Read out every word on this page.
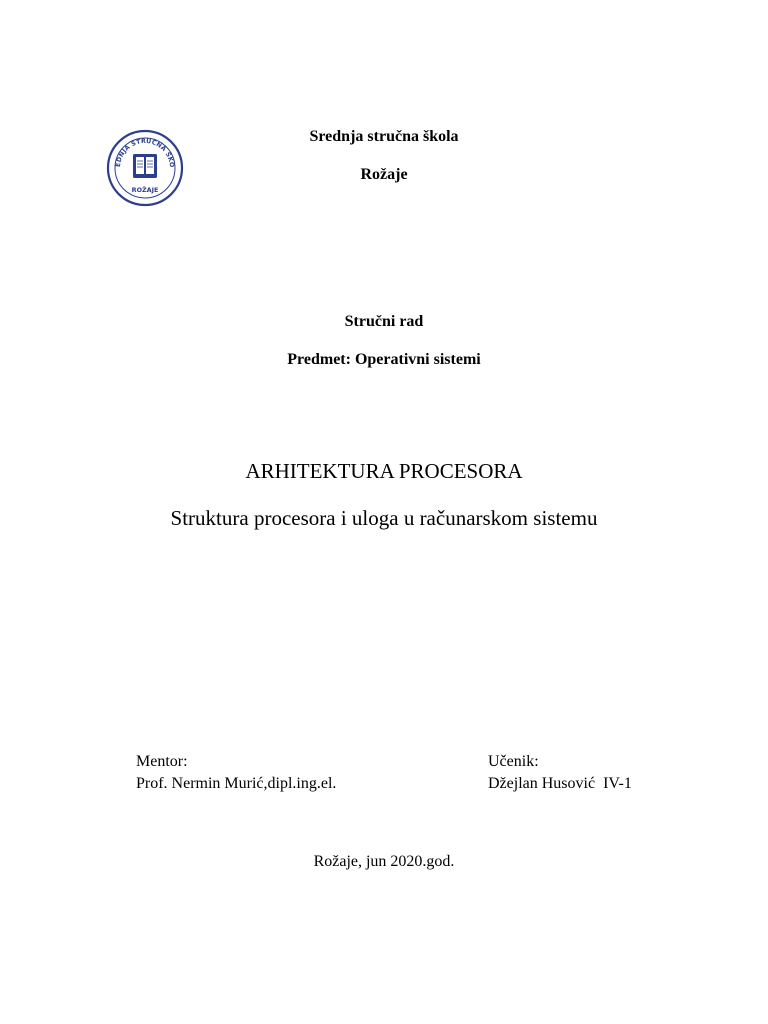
EDNJA STRUČNA ŠKO
ROŽAJE
Srednja stručna škola
Rožaje
Stručni rad
Predmet: Operativni sistemi
ARHITEKTURA PROCESORA
Struktura procesora i uloga u računarskom sistemu
Mentor:
Prof. Nermin Murić,dipl.ing.el.
Učenik:
Džejlan Husović  IV-1
Rožaje, jun 2020.god.
